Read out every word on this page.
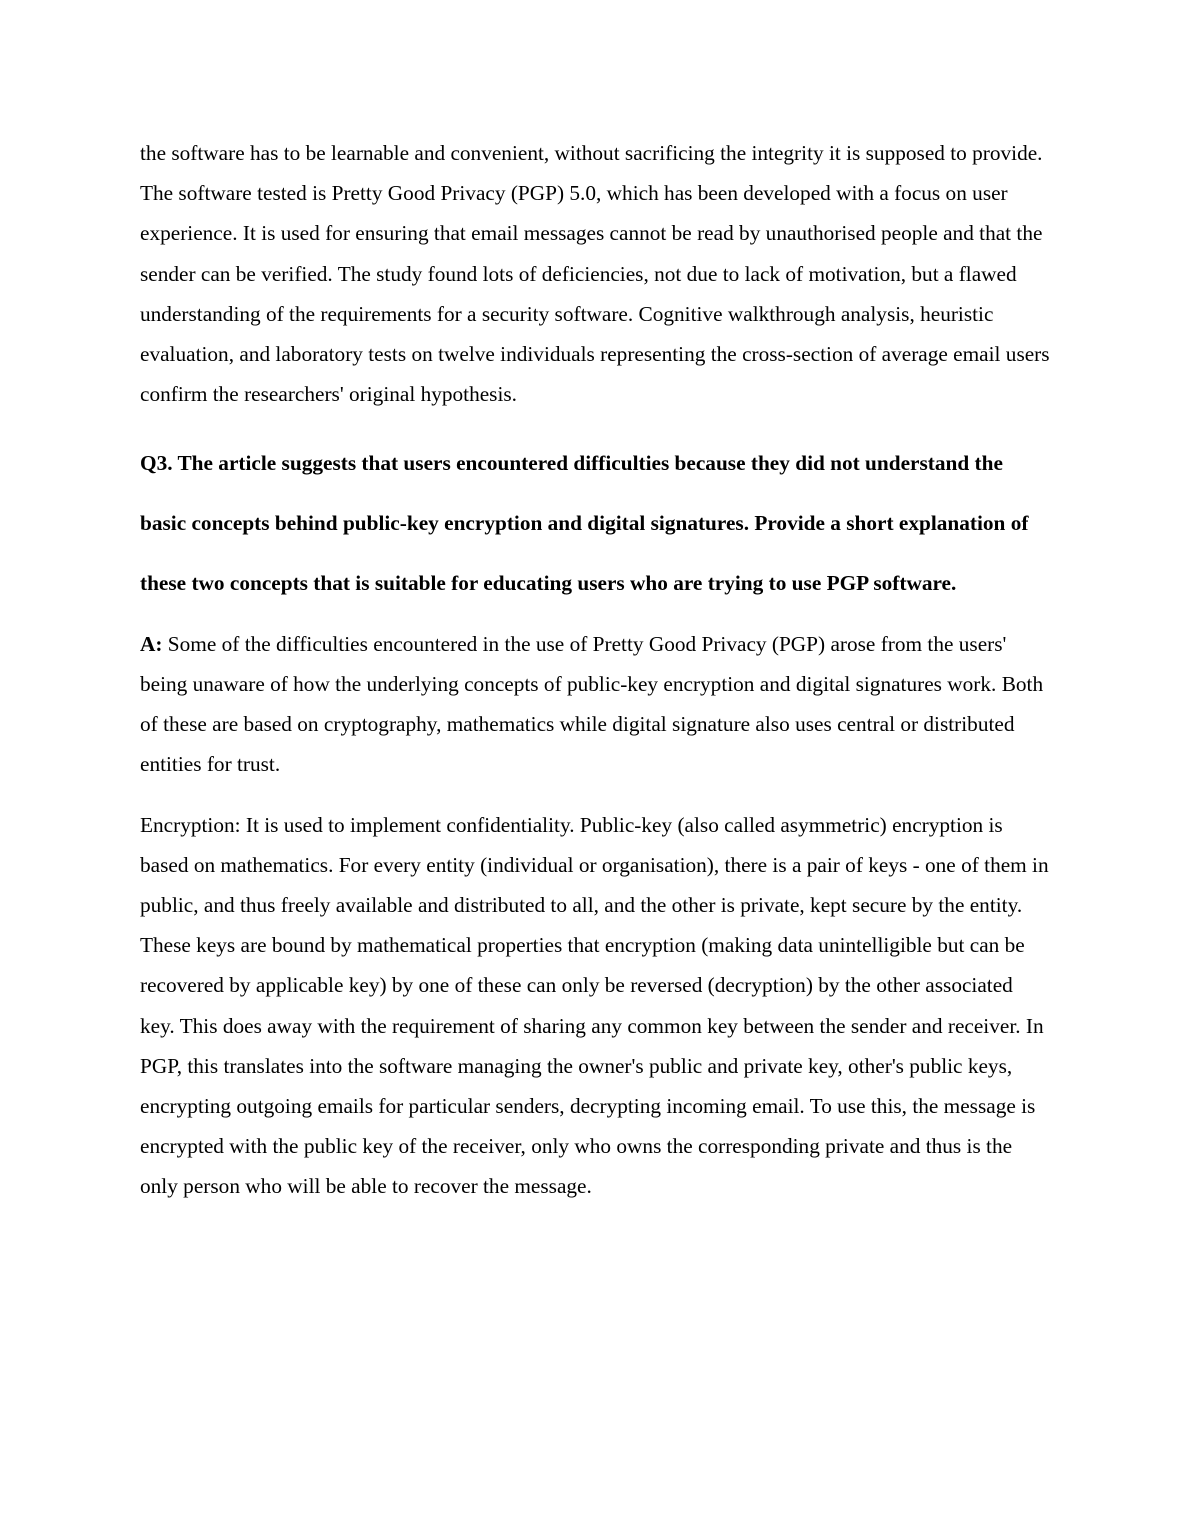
the software has to be learnable and convenient, without sacrificing the integrity it is supposed to provide. The software tested is Pretty Good Privacy (PGP) 5.0, which has been developed with a focus on user experience. It is used for ensuring that email messages cannot be read by unauthorised people and that the sender can be verified. The study found lots of deficiencies, not due to lack of motivation, but a flawed understanding of the requirements for a security software. Cognitive walkthrough analysis, heuristic evaluation, and laboratory tests on twelve individuals representing the cross-section of average email users confirm the researchers' original hypothesis.

Q3. The article suggests that users encountered difficulties because they did not understand the basic concepts behind public-key encryption and digital signatures. Provide a short explanation of these two concepts that is suitable for educating users who are trying to use PGP software.

A: Some of the difficulties encountered in the use of Pretty Good Privacy (PGP) arose from the users' being unaware of how the underlying concepts of public-key encryption and digital signatures work. Both of these are based on cryptography, mathematics while digital signature also uses central or distributed entities for trust.

Encryption: It is used to implement confidentiality. Public-key (also called asymmetric) encryption is based on mathematics. For every entity (individual or organisation), there is a pair of keys - one of them in public, and thus freely available and distributed to all, and the other is private, kept secure by the entity. These keys are bound by mathematical properties that encryption (making data unintelligible but can be recovered by applicable key) by one of these can only be reversed (decryption) by the other associated key. This does away with the requirement of sharing any common key between the sender and receiver. In PGP, this translates into the software managing the owner's public and private key, other's public keys, encrypting outgoing emails for particular senders, decrypting incoming email. To use this, the message is encrypted with the public key of the receiver, only who owns the corresponding private and thus is the only person who will be able to recover the message.
